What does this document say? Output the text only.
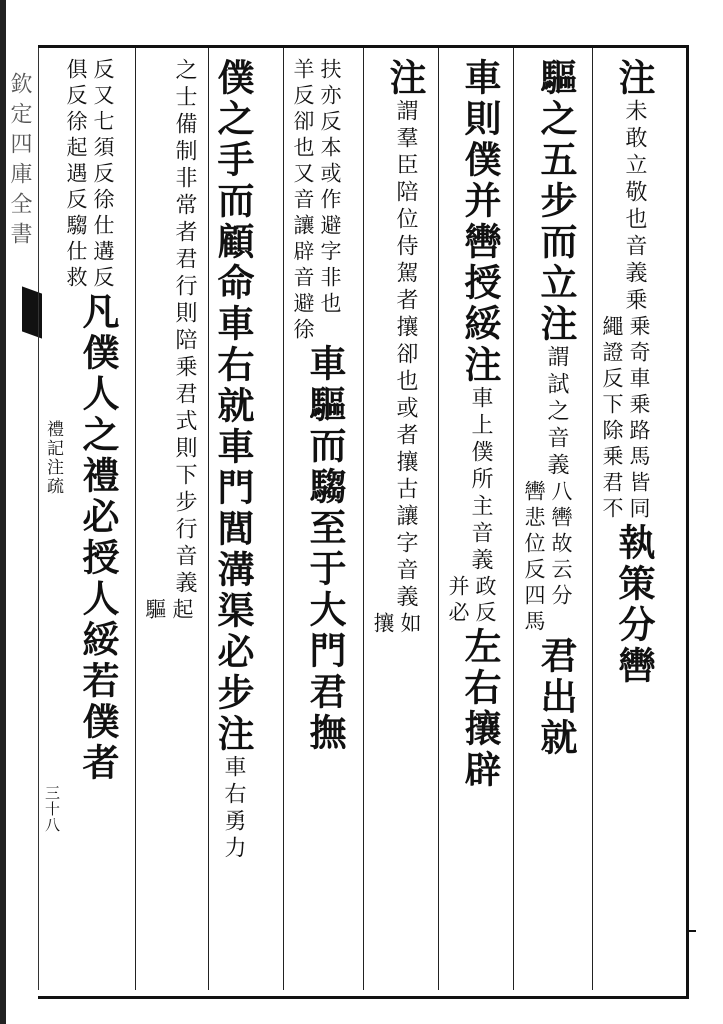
欽定四庫全書
禮記注疏
三十八
注未敢立敬也音義乗繩證反下除乗君不 乗奇車乗路馬皆同執策分轡
驅之五步而立注謂試之音義轡悲位反四馬 八轡故云分君出就
車則僕并轡授綏注車上僕所主音義并必 政反左右攘辟
注謂羣臣陪位侍駕者攘卻也或者攘古讓字音義攘 如
羊反卻也又音讓辟音避徐 扶亦反本或作避字非也車驅而騶至于大門君撫
僕之手而顧命車右就車門閭溝渠必步注車右勇力
之士備制非常者君行則陪乗君式則下步行音義驅 起
俱反徐起遇反騶仕救 反又七須反徐仕遘反凡僕人之禮必授人綏若僕者
